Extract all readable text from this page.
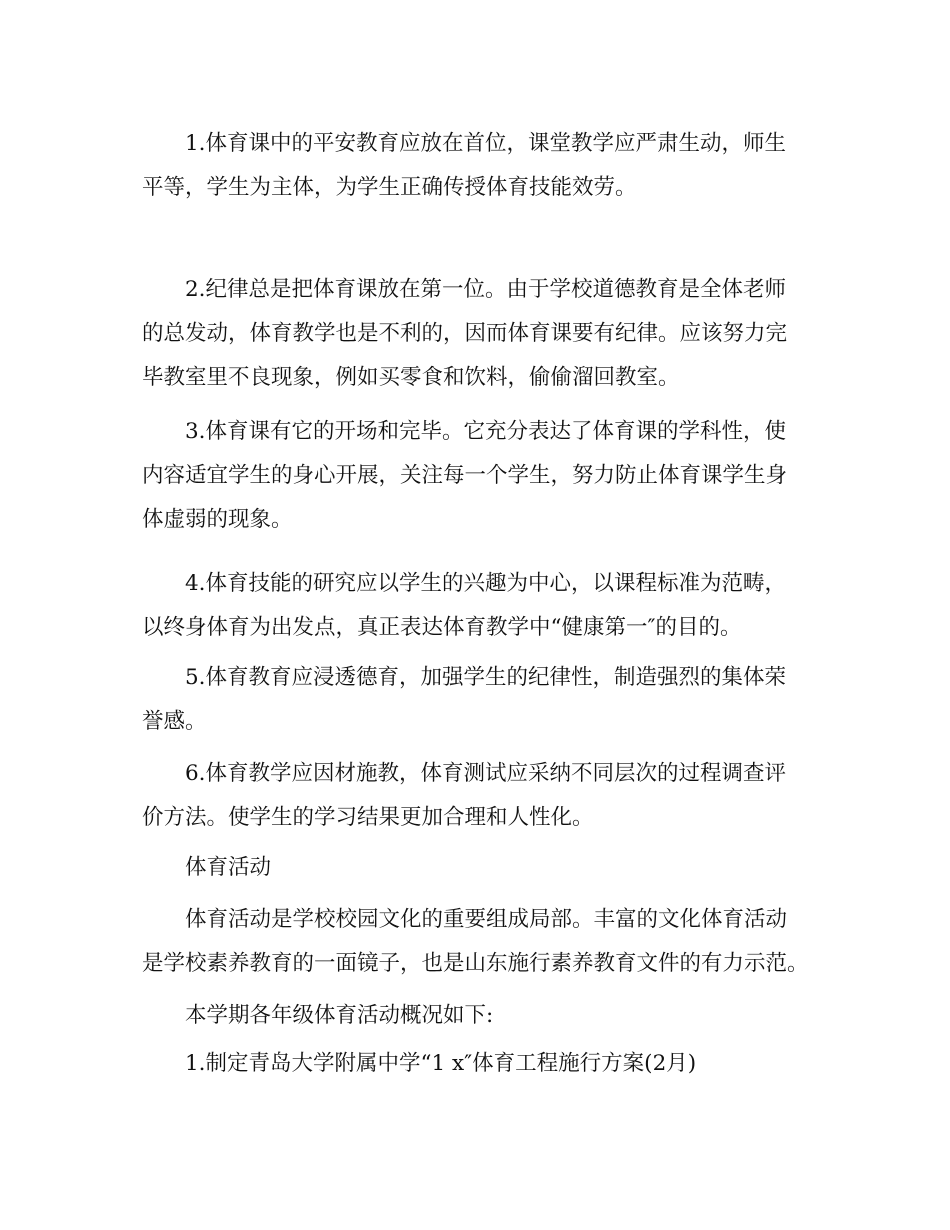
1.体育课中的平安教育应放在首位，课堂教学应严肃生动，师生
平等，学生为主体，为学生正确传授体育技能效劳。
2.纪律总是把体育课放在第一位。由于学校道德教育是全体老师
的总发动，体育教学也是不利的，因而体育课要有纪律。应该努力完
毕教室里不良现象，例如买零食和饮料，偷偷溜回教室。
3.体育课有它的开场和完毕。它充分表达了体育课的学科性，使
内容适宜学生的身心开展，关注每一个学生，努力防止体育课学生身
体虚弱的现象。
4.体育技能的研究应以学生的兴趣为中心，以课程标准为范畴，
以终身体育为出发点，真正表达体育教学中“健康第一″的目的。
5.体育教育应浸透德育，加强学生的纪律性，制造强烈的集体荣
誉感。
6.体育教学应因材施教，体育测试应采纳不同层次的过程调查评
价方法。使学生的学习结果更加合理和人性化。
体育活动
体育活动是学校校园文化的重要组成局部。丰富的文化体育活动
是学校素养教育的一面镜子，也是山东施行素养教育文件的有力示范。
本学期各年级体育活动概况如下:
1.制定青岛大学附属中学“1 x″体育工程施行方案(2月)
